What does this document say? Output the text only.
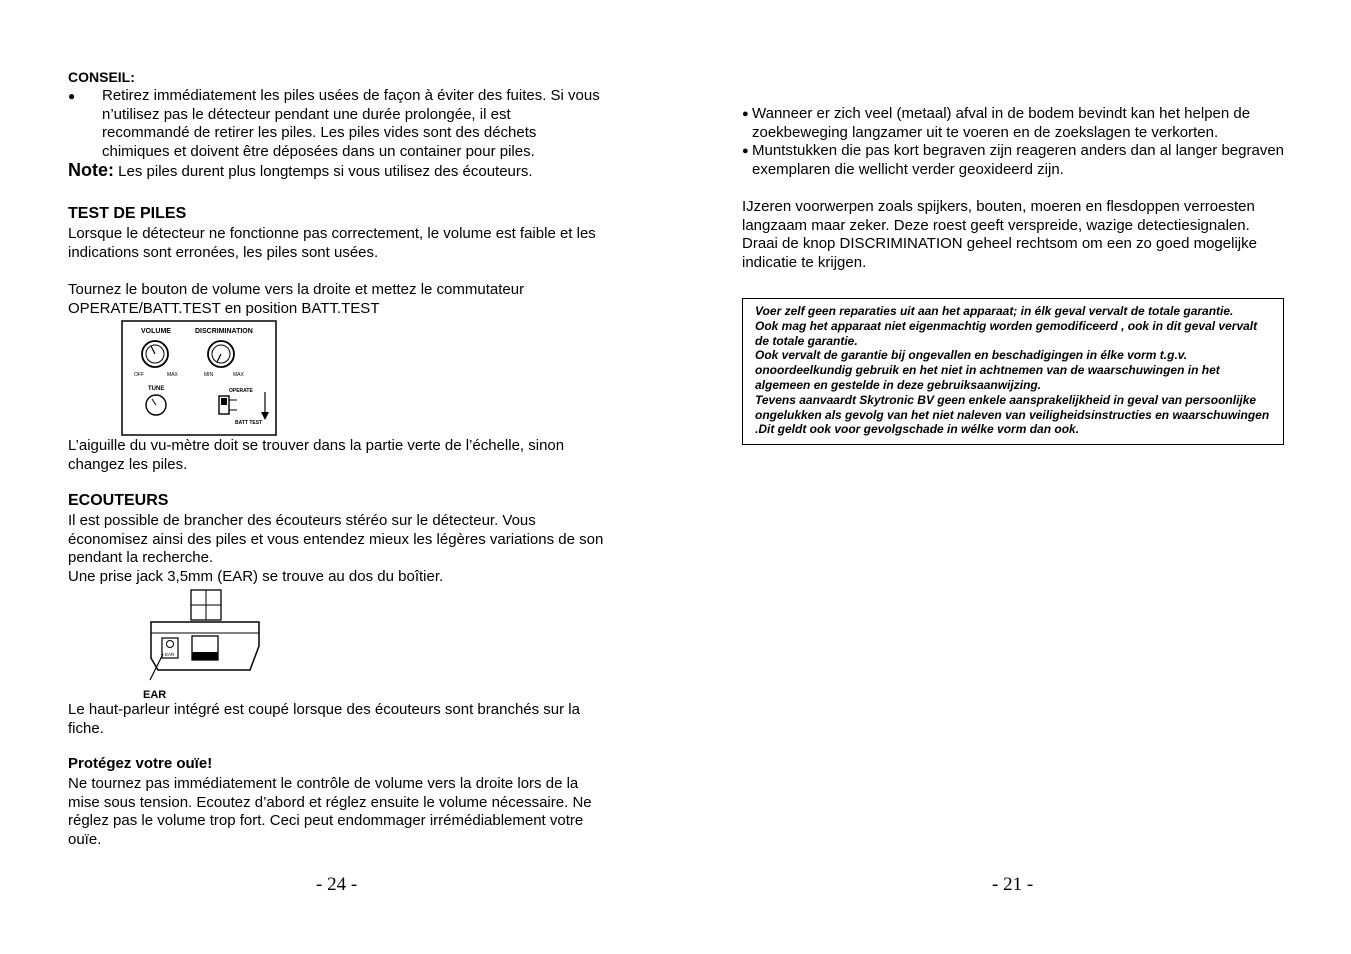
CONSEIL:
●	Retirez immédiatement les piles usées de façon à éviter des fuites. Si vous n’utilisez pas le détecteur pendant une durée prolongée, il est recommandé de retirer les piles. Les piles vides sont des déchets chimiques et doivent être déposées dans un container pour piles.
Note: Les piles durent plus longtemps si vous utilisez des écouteurs.
TEST DE PILES
Lorsque le détecteur ne fonctionne pas correctement, le volume est faible et les indications sont erronées, les piles sont usées.
Tournez le bouton de volume vers la droite et mettez le commutateur OPERATE/BATT.TEST en position BATT.TEST
VOLUME	DISCRIMINATION
OFF	MAX	MIN	MAX
TUNE	OPERATE
BATT TEST
L’aiguille du vu-mètre doit se trouver dans la partie verte de l’échelle, sinon changez les piles.
ECOUTEURS
Il est possible de brancher des écouteurs stéréo sur le détecteur. Vous économisez ainsi des piles et vous entendez mieux les légères variations de son pendant la recherche.
Une prise jack 3,5mm (EAR) se trouve au dos du boîtier.
EAR
EAR
Le haut-parleur intégré est coupé lorsque des écouteurs sont branchés sur la fiche.
Protégez votre ouïe!
Ne tournez pas immédiatement le contrôle de volume vers la droite lors de la mise sous tension. Ecoutez d’abord et réglez ensuite le volume nécessaire. Ne réglez pas le volume trop fort. Ceci peut endommager irrémédiablement votre ouïe.
- 24 -
● Wanneer er zich veel (metaal) afval in de bodem bevindt kan het helpen de zoekbeweging langzamer uit te voeren en de zoekslagen te verkorten.
● Muntstukken die pas kort begraven zijn reageren anders dan al langer begraven exemplaren die wellicht verder geoxideerd zijn.
IJzeren voorwerpen zoals spijkers, bouten, moeren en flesdoppen verroesten langzaam maar zeker. Deze roest geeft verspreide, wazige detectiesignalen. Draai de knop DISCRIMINATION geheel rechtsom om een zo goed mogelijke indicatie te krijgen.

Voer zelf geen reparaties uit aan het apparaat; in élk geval vervalt de totale garantie.

Ook mag het apparaat niet eigenmachtig worden gemodificeerd , ook in dit geval vervalt de totale garantie.

Ook vervalt de garantie bij ongevallen en beschadigingen in élke vorm t.g.v. onoordeelkundig gebruik en het niet in achtnemen van de waarschuwingen in het algemeen en gestelde in deze gebruiksaanwijzing.

Tevens aanvaardt Skytronic BV geen enkele aansprakelijkheid in geval van persoonlijke ongelukken als gevolg van het niet naleven van veiligheidsinstructies en waarschuwingen .Dit geldt ook voor gevolgschade in wélke vorm dan ook.

- 21 -
